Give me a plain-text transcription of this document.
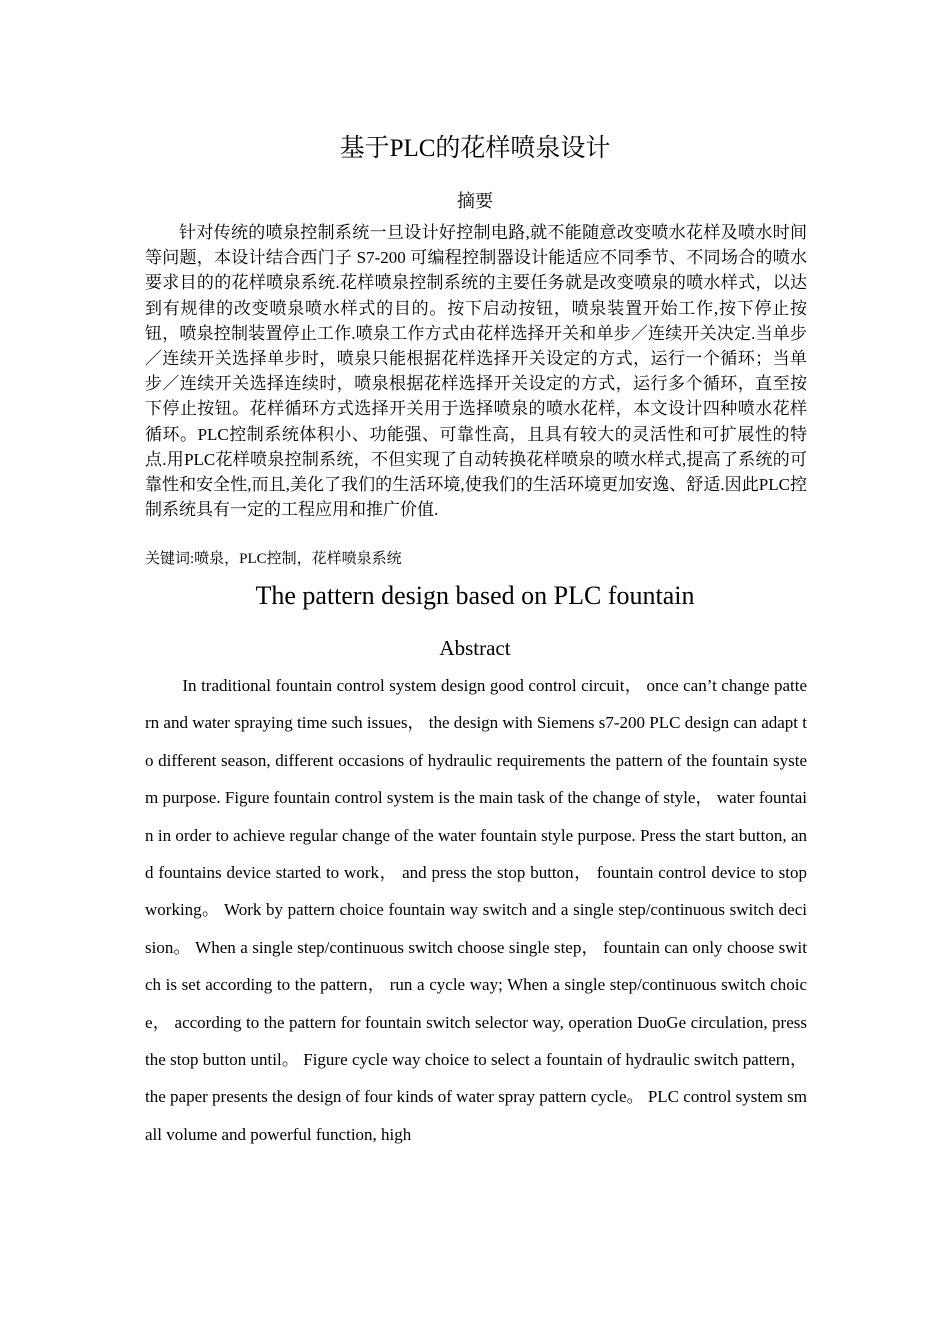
基于PLC的花样喷泉设计
摘要

针对传统的喷泉控制系统一旦设计好控制电路,就不能随意改变喷水花样及喷水时间等问题，本设计结合西门子 S7-200 可编程控制器设计能适应不同季节、不同场合的喷水要求目的的花样喷泉系统.花样喷泉控制系统的主要任务就是改变喷泉的喷水样式，以达到有规律的改变喷泉喷水样式的目的。按下启动按钮，喷泉装置开始工作,按下停止按钮，喷泉控制装置停止工作.喷泉工作方式由花样选择开关和单步／连续开关决定.当单步／连续开关选择单步时，喷泉只能根据花样选择开关设定的方式，运行一个循环；当单步／连续开关选择连续时，喷泉根据花样选择开关设定的方式，运行多个循环，直至按下停止按钮。花样循环方式选择开关用于选择喷泉的喷水花样，本文设计四种喷水花样循环。PLC控制系统体积小、功能强、可靠性高，且具有较大的灵活性和可扩展性的特点.用PLC花样喷泉控制系统，不但实现了自动转换花样喷泉的喷水样式,提高了系统的可靠性和安全性,而且,美化了我们的生活环境,使我们的生活环境更加安逸、舒适.因此PLC控制系统具有一定的工程应用和推广价值.

关键词:喷泉，PLC控制，花样喷泉系统

The pattern design based on PLC fountain
Abstract

In traditional fountain control system design good control circuit， once can’t change pattern and water spraying time such issues， the design with Siemens s7-200 PLC design can adapt to different season, different occasions of hydraulic requirements the pattern of the fountain system purpose. Figure fountain control system is the main task of the change of style， water fountain in order to achieve regular change of the water fountain style purpose. Press the start button, and fountains device started to work， and press the stop button， fountain control device to stop working。 Work by pattern choice fountain way switch and a single step/continuous switch decision。 When a single step/continuous switch choose single step， fountain can only choose switch is set according to the pattern， run a cycle way; When a single step/continuous switch choice， according to the pattern for fountain switch selector way, operation DuoGe circulation, press the stop button until。 Figure cycle way choice to select a fountain of hydraulic switch pattern， the paper presents the design of four kinds of water spray pattern cycle。 PLC control system small volume and powerful function, high
